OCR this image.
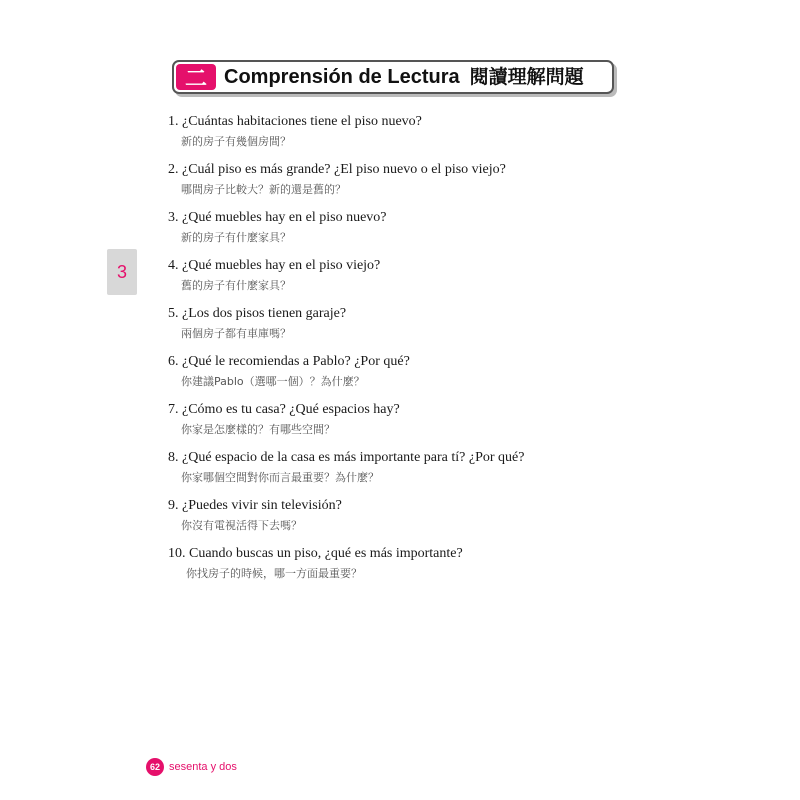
二 Comprensión de Lectura 閱讀理解問題
3
1. ¿Cuántas habitaciones tiene el piso nuevo?
新的房子有幾個房間？
2. ¿Cuál piso es más grande? ¿El piso nuevo o el piso viejo?
哪間房子比較大？新的還是舊的？
3. ¿Qué muebles hay en el piso nuevo?
新的房子有什麼家具？
4. ¿Qué muebles hay en el piso viejo?
舊的房子有什麼家具？
5. ¿Los dos pisos tienen garaje?
兩個房子都有車庫嗎？
6. ¿Qué le recomiendas a Pablo? ¿Por qué?
你建議Pablo（選哪一個）？為什麼？
7. ¿Cómo es tu casa? ¿Qué espacios hay?
你家是怎麼樣的？有哪些空間？
8. ¿Qué espacio de la casa es más importante para tí? ¿Por qué?
你家哪個空間對你而言最重要？為什麼？
9. ¿Puedes vivir sin televisión?
你沒有電視活得下去嗎？
10. Cuando buscas un piso, ¿qué es más importante?
你找房子的時候，哪一方面最重要？
62 sesenta y dos
